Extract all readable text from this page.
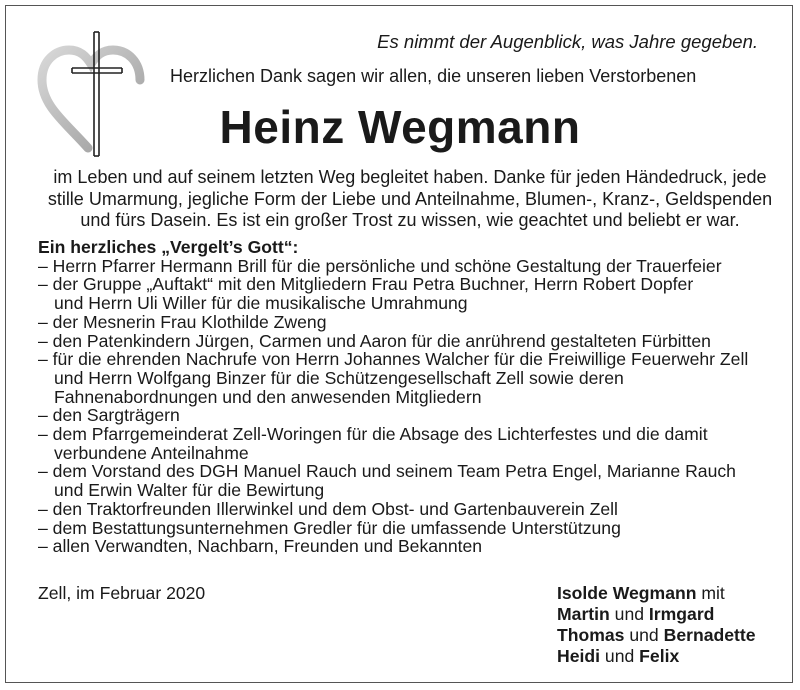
Es nimmt der Augenblick, was Jahre gegeben.
Herzlichen Dank sagen wir allen, die unseren lieben Verstorbenen
Heinz Wegmann
im Leben und auf seinem letzten Weg begleitet haben. Danke für jeden Händedruck, jede
stille Umarmung, jegliche Form der Liebe und Anteilnahme, Blumen-, Kranz-, Geldspenden
und fürs Dasein. Es ist ein großer Trost zu wissen, wie geachtet und beliebt er war.
Ein herzliches „Vergelt’s Gott“:
– Herrn Pfarrer Hermann Brill für die persönliche und schöne Gestaltung der Trauerfeier
– der Gruppe „Auftakt“ mit den Mitgliedern Frau Petra Buchner, Herrn Robert Dopfer
und Herrn Uli Willer für die musikalische Umrahmung
– der Mesnerin Frau Klothilde Zweng
– den Patenkindern Jürgen, Carmen und Aaron für die anrührend gestalteten Fürbitten
– für die ehrenden Nachrufe von Herrn Johannes Walcher für die Freiwillige Feuerwehr Zell
und Herrn Wolfgang Binzer für die Schützengesellschaft Zell sowie deren
Fahnenabordnungen und den anwesenden Mitgliedern
– den Sargträgern
– dem Pfarrgemeinderat Zell-Woringen für die Absage des Lichterfestes und die damit
verbundene Anteilnahme
– dem Vorstand des DGH Manuel Rauch und seinem Team Petra Engel, Marianne Rauch
und Erwin Walter für die Bewirtung
– den Traktorfreunden Illerwinkel und dem Obst- und Gartenbauverein Zell
– dem Bestattungsunternehmen Gredler für die umfassende Unterstützung
– allen Verwandten, Nachbarn, Freunden und Bekannten
Zell, im Februar 2020	Isolde Wegmann mit
Martin und Irmgard
Thomas und Bernadette
Heidi und Felix
